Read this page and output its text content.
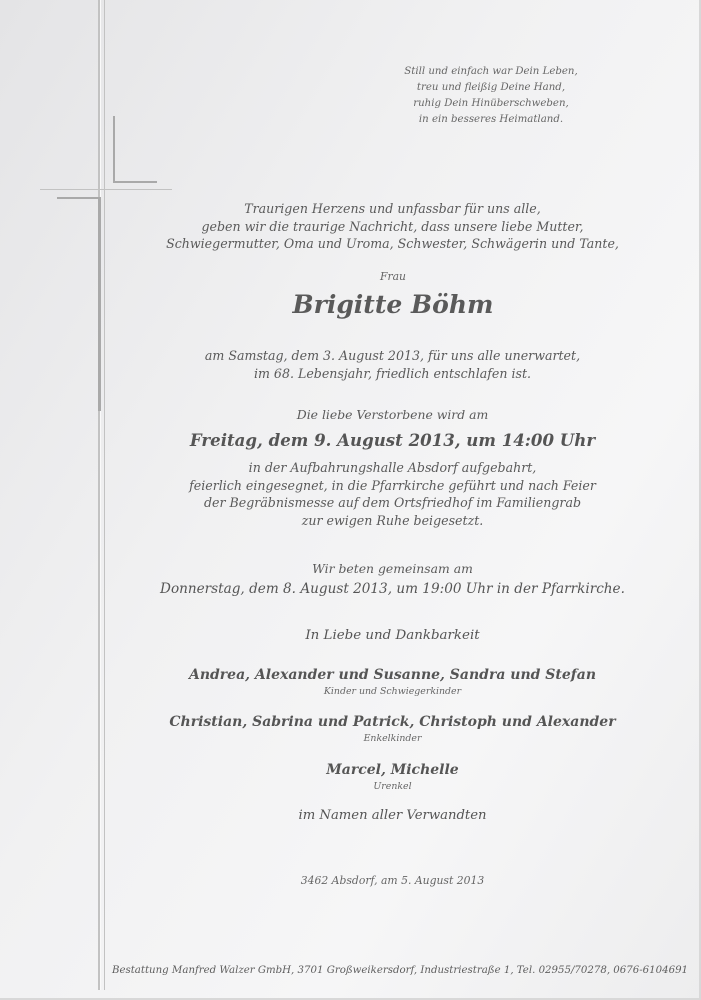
Still und einfach war Dein Leben,
treu und fleißig Deine Hand,
ruhig Dein Hinüberschweben,
in ein besseres Heimatland.
Traurigen Herzens und unfassbar für uns alle,
geben wir die traurige Nachricht, dass unsere liebe Mutter,
Schwiegermutter, Oma und Uroma, Schwester, Schwägerin und Tante,
Frau
Brigitte Böhm
am Samstag, dem 3. August 2013, für uns alle unerwartet,
im 68. Lebensjahr, friedlich entschlafen ist.
Die liebe Verstorbene wird am
Freitag, dem 9. August 2013, um 14:00 Uhr
in der Aufbahrungshalle Absdorf aufgebahrt,
feierlich eingesegnet, in die Pfarrkirche geführt und nach Feier
der Begräbnismesse auf dem Ortsfriedhof im Familiengrab
zur ewigen Ruhe beigesetzt.
Wir beten gemeinsam am
Donnerstag, dem 8. August 2013, um 19:00 Uhr in der Pfarrkirche.
In Liebe und Dankbarkeit
Andrea, Alexander und Susanne, Sandra und Stefan
Kinder und Schwiegerkinder
Christian, Sabrina und Patrick, Christoph und Alexander
Enkelkinder
Marcel, Michelle
Urenkel
im Namen aller Verwandten
3462 Absdorf, am 5. August 2013
Bestattung Manfred Walzer GmbH, 3701 Großweikersdorf, Industriestraße 1, Tel. 02955/70278, 0676-6104691
